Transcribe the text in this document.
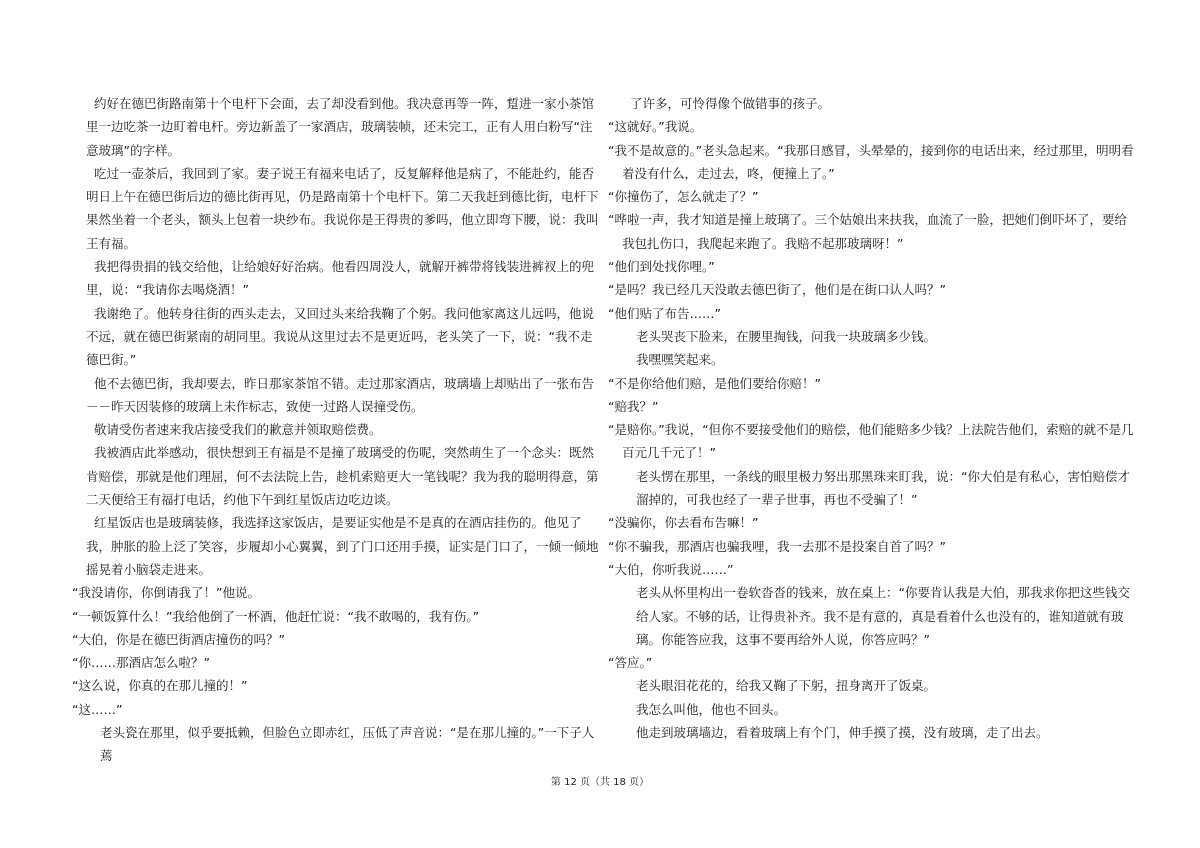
约好在德巴街路南第十个电杆下会面，去了却没看到他。我决意再等一阵，踅进一家小茶馆里一边吃茶一边盯着电杆。旁边新盖了一家酒店，玻璃装帧，还未完工，正有人用白粉写“注意玻璃”的字样。

吃过一壶茶后，我回到了家。妻子说王有福来电话了，反复解释他是病了，不能赴约，能否明日上午在德巴街后边的德比街再见，仍是路南第十个电杆下。第二天我赶到德比街，电杆下果然坐着一个老头，额头上包着一块纱布。我说你是王得贵的爹吗，他立即弯下腰，说：我叫王有福。

我把得贵捐的钱交给他，让给娘好好治病。他看四周没人，就解开裤带将钱装进裤衩上的兜里，说：“我请你去喝烧酒！”

我谢绝了。他转身往街的西头走去，又回过头来给我鞠了个躬。我问他家离这儿远吗，他说不远，就在德巴街紧南的胡同里。我说从这里过去不是更近吗，老头笑了一下，说：“我不走德巴街。”

他不去德巴街，我却要去，昨日那家茶馆不错。走过那家酒店，玻璃墙上却贴出了一张布告－－昨天因装修的玻璃上未作标志，致使一过路人误撞受伤。

敬请受伤者速来我店接受我们的歉意并领取赔偿费。

我被酒店此举感动，很快想到王有福是不是撞了玻璃受的伤呢，突然萌生了一个念头：既然肯赔偿，那就是他们理屈，何不去法院上告，趁机索赔更大一笔钱呢？我为我的聪明得意，第二天便给王有福打电话，约他下午到红星饭店边吃边谈。

红星饭店也是玻璃装修，我选择这家饭店，是要证实他是不是真的在酒店挂伤的。他见了我，肿胀的脸上泛了笑容，步履却小心翼翼，到了门口还用手摸，证实是门口了，一倾一倾地摇晃着小脑袋走进来。

“我没请你，你倒请我了！”他说。

“一顿饭算什么！”我给他倒了一杯酒，他赶忙说：“我不敢喝的，我有伤。”

“大伯，你是在德巴街酒店撞伤的吗？”

“你……那酒店怎么啦？”

“这么说，你真的在那儿撞的！”

“这……”

老头瓷在那里，似乎要抵赖，但脸色立即赤红，压低了声音说：“是在那儿撞的。”一下子人蔫

了许多，可怜得像个做错事的孩子。

“这就好。”我说。

“我不是故意的。”老头急起来。“我那日感冒，头晕晕的，接到你的电话出来，经过那里，明明看着没有什么，走过去，咚，便撞上了。”

“你撞伤了，怎么就走了？”

“哗啦一声，我才知道是撞上玻璃了。三个姑娘出来扶我，血流了一脸，把她们倒吓坏了，要给我包扎伤口，我爬起来跑了。我赔不起那玻璃呀！”

“他们到处找你哩。”

“是吗？我已经几天没敢去德巴街了，他们是在街口认人吗？”

“他们贴了布告……”

老头哭丧下脸来，在腰里掏钱，问我一块玻璃多少钱。

我嘿嘿笑起来。

“不是你给他们赔，是他们要给你赔！”

“赔我？”

“是赔你。”我说，“但你不要接受他们的赔偿，他们能赔多少钱？上法院告他们，索赔的就不是几百元几千元了！”

老头愣在那里，一条线的眼里极力努出那黑珠来盯我，说：“你大伯是有私心，害怕赔偿才溜掉的，可我也经了一辈子世事，再也不受骗了！”

“没骗你，你去看布告嘛！”

“你不骗我，那酒店也骗我哩，我一去那不是投案自首了吗？”

“大伯，你听我说……”

老头从怀里构出一卷软沓沓的钱来，放在桌上：“你要肯认我是大伯，那我求你把这些钱交给人家。不够的话，让得贵补齐。我不是有意的，真是看着什么也没有的，谁知道就有玻璃。你能答应我，这事不要再给外人说，你答应吗？”

“答应。”

老头眼泪花花的，给我又鞠了下躬，扭身离开了饭桌。

我怎么叫他，他也不回头。

他走到玻璃墙边，看着玻璃上有个门，伸手摸了摸，没有玻璃，走了出去。

第 12 页（共 18 页）
